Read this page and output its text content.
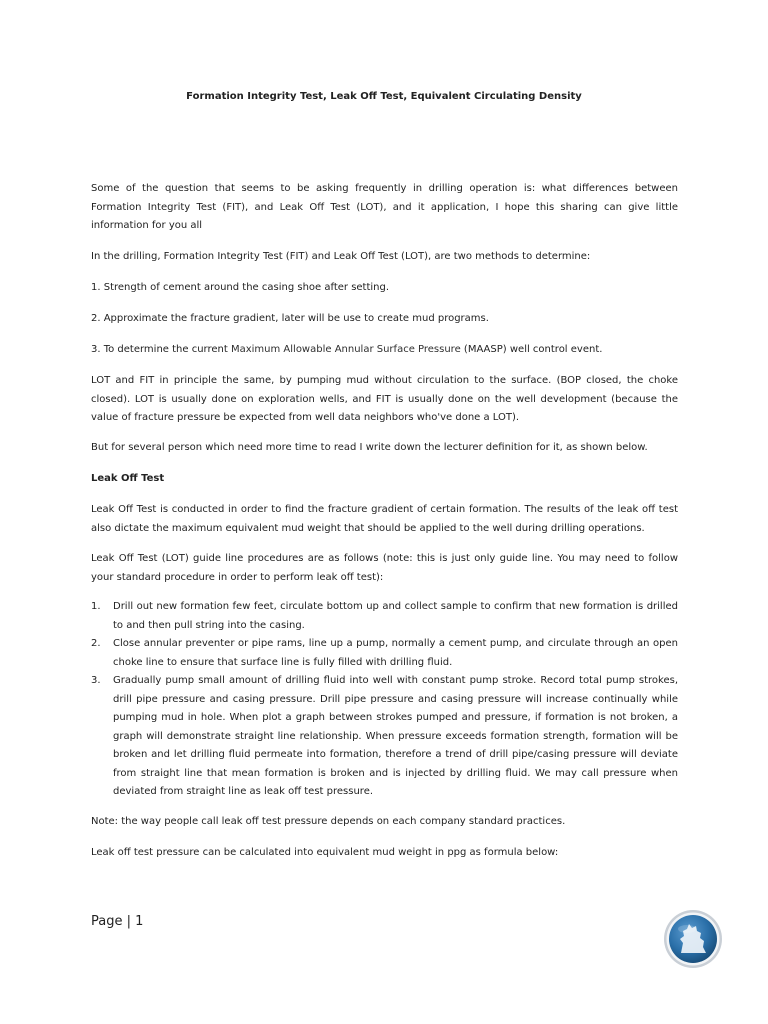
Formation Integrity Test, Leak Off Test, Equivalent Circulating Density

Some of the question that seems to be asking frequently in drilling operation is: what differences between Formation Integrity Test (FIT), and Leak Off Test (LOT), and it application, I hope this sharing can give little information for you all

In the drilling, Formation Integrity Test (FIT) and Leak Off Test (LOT), are two methods to determine:

1. Strength of cement around the casing shoe after setting.

2. Approximate the fracture gradient, later will be use to create mud programs.

3. To determine the current Maximum Allowable Annular Surface Pressure (MAASP) well control event.

LOT and FIT in principle the same, by pumping mud without circulation to the surface. (BOP closed, the choke closed). LOT is usually done on exploration wells, and FIT is usually done on the well development (because the value of fracture pressure be expected from well data neighbors who've done a LOT).

But for several person which need more time to read I write down the lecturer definition for it, as shown below.

Leak Off Test

Leak Off Test is conducted in order to find the fracture gradient of certain formation. The results of the leak off test also dictate the maximum equivalent mud weight that should be applied to the well during drilling operations.

Leak Off Test (LOT) guide line procedures are as follows (note: this is just only guide line. You may need to follow your standard procedure in order to perform leak off test):

1. Drill out new formation few feet, circulate bottom up and collect sample to confirm that new formation is drilled to and then pull string into the casing.
2. Close annular preventer or pipe rams, line up a pump, normally a cement pump, and circulate through an open choke line to ensure that surface line is fully filled with drilling fluid.
3. Gradually pump small amount of drilling fluid into well with constant pump stroke. Record total pump strokes, drill pipe pressure and casing pressure. Drill pipe pressure and casing pressure will increase continually while pumping mud in hole. When plot a graph between strokes pumped and pressure, if formation is not broken, a graph will demonstrate straight line relationship. When pressure exceeds formation strength, formation will be broken and let drilling fluid permeate into formation, therefore a trend of drill pipe/casing pressure will deviate from straight line that mean formation is broken and is injected by drilling fluid. We may call pressure when deviated from straight line as leak off test pressure.

Note: the way people call leak off test pressure depends on each company standard practices.

Leak off test pressure can be calculated into equivalent mud weight in ppg as formula below:

Page | 1
